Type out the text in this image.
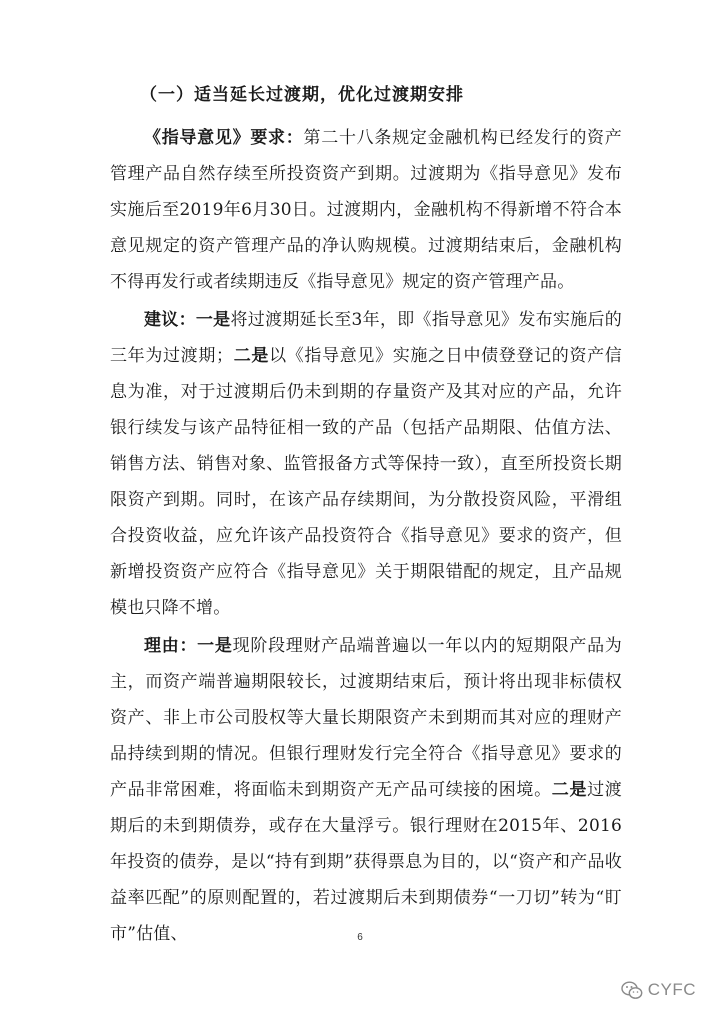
（一）适当延长过渡期，优化过渡期安排

《指导意见》要求：第二十八条规定金融机构已经发行的资产管理产品自然存续至所投资资产到期。过渡期为《指导意见》发布实施后至2019年6月30日。过渡期内，金融机构不得新增不符合本意见规定的资产管理产品的净认购规模。过渡期结束后，金融机构不得再发行或者续期违反《指导意见》规定的资产管理产品。

建议：一是将过渡期延长至3年，即《指导意见》发布实施后的三年为过渡期；二是以《指导意见》实施之日中债登登记的资产信息为准，对于过渡期后仍未到期的存量资产及其对应的产品，允许银行续发与该产品特征相一致的产品（包括产品期限、估值方法、销售方法、销售对象、监管报备方式等保持一致），直至所投资长期限资产到期。同时，在该产品存续期间，为分散投资风险，平滑组合投资收益，应允许该产品投资符合《指导意见》要求的资产，但新增投资资产应符合《指导意见》关于期限错配的规定，且产品规模也只降不增。

理由：一是现阶段理财产品端普遍以一年以内的短期限产品为主，而资产端普遍期限较长，过渡期结束后，预计将出现非标债权资产、非上市公司股权等大量长期限资产未到期而其对应的理财产品持续到期的情况。但银行理财发行完全符合《指导意见》要求的产品非常困难，将面临未到期资产无产品可续接的困境。二是过渡期后的未到期债券，或存在大量浮亏。银行理财在2015年、2016年投资的债券，是以“持有到期”获得票息为目的，以“资产和产品收益率匹配”的原则配置的，若过渡期后未到期债券“一刀切”转为“盯市”估值、	6
CYFC
